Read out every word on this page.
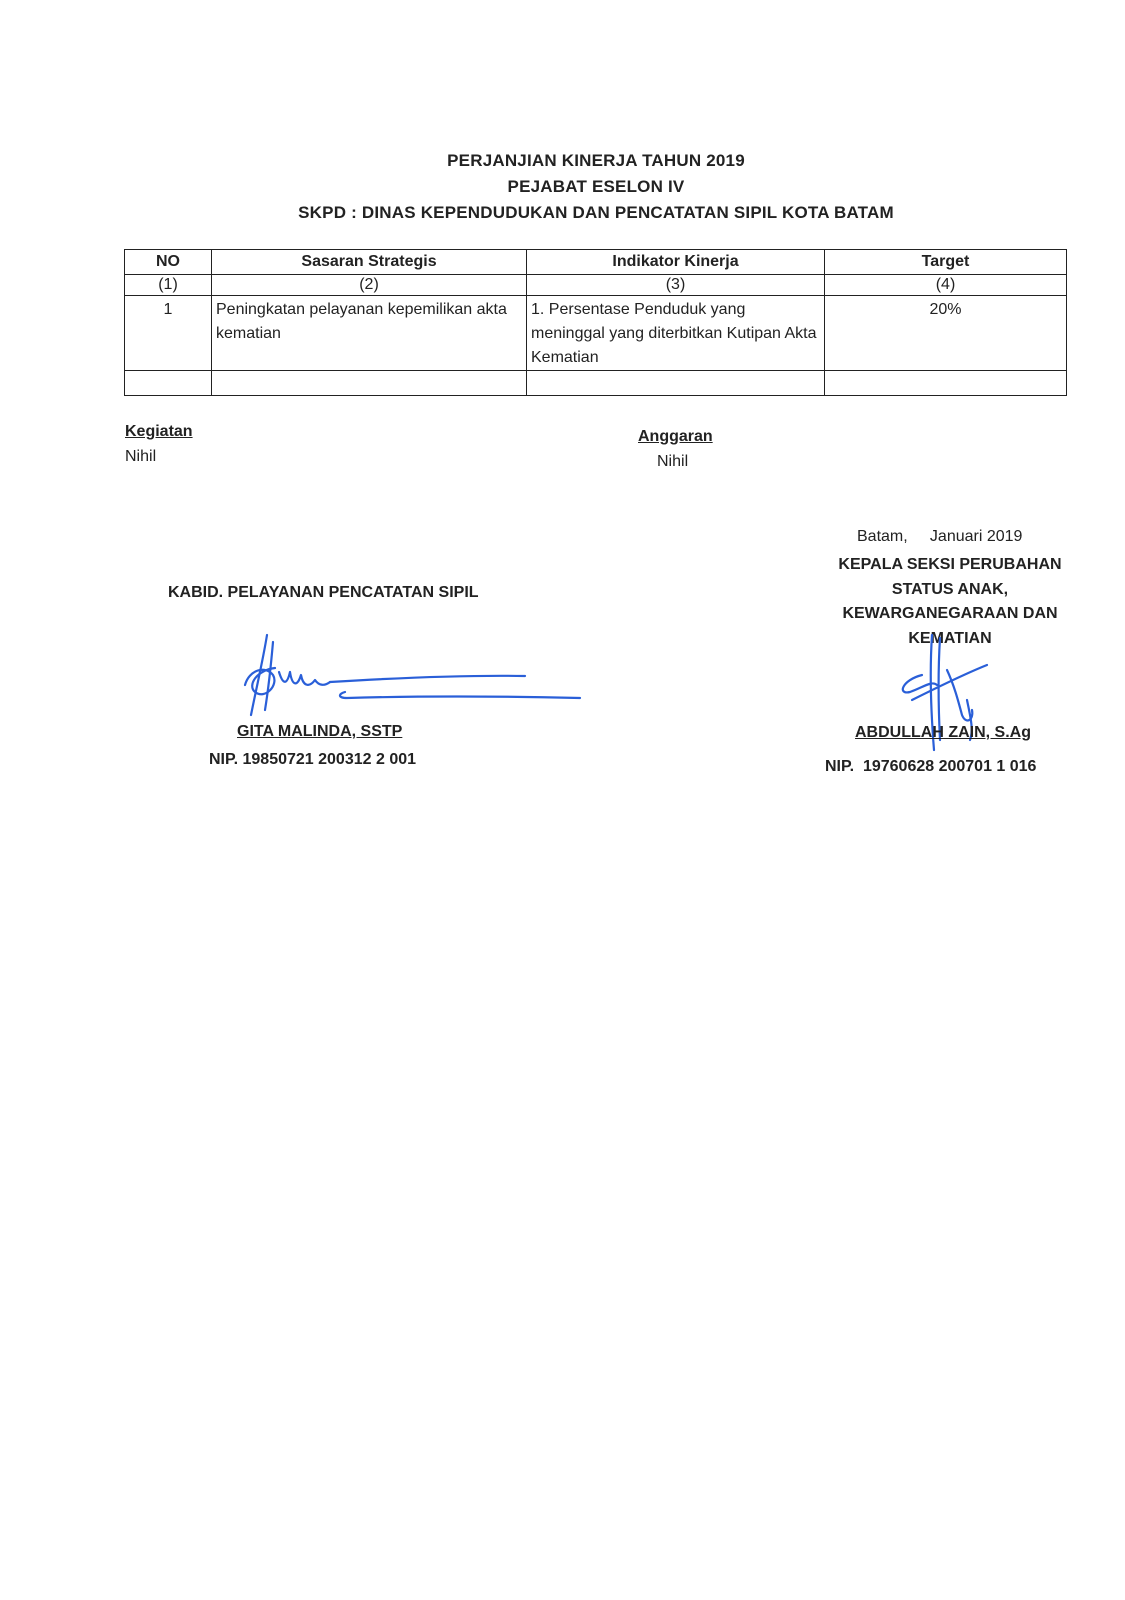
PERJANJIAN KINERJA TAHUN 2019
PEJABAT ESELON IV
SKPD : DINAS KEPENDUDUKAN DAN PENCATATAN SIPIL KOTA BATAM
NO	Sasaran Strategis	Indikator Kinerja	Target
(1)	(2)	(3)	(4)
1	Peningkatan pelayanan kepemilikan akta kematian	1. Persentase Penduduk yang meninggal yang diterbitkan Kutipan Akta Kematian	20%

Kegiatan
Nihil
Anggaran
Nihil
Batam,     Januari 2019
KABID. PELAYANAN PENCATATAN SIPIL
KEPALA SEKSI PERUBAHAN
STATUS ANAK,
KEWARGANEGARAAN DAN
KEMATIAN
GITA MALINDA, SSTP
NIP. 19850721 200312 2 001
ABDULLAH ZAIN, S.Ag
NIP.  19760628 200701 1 016
